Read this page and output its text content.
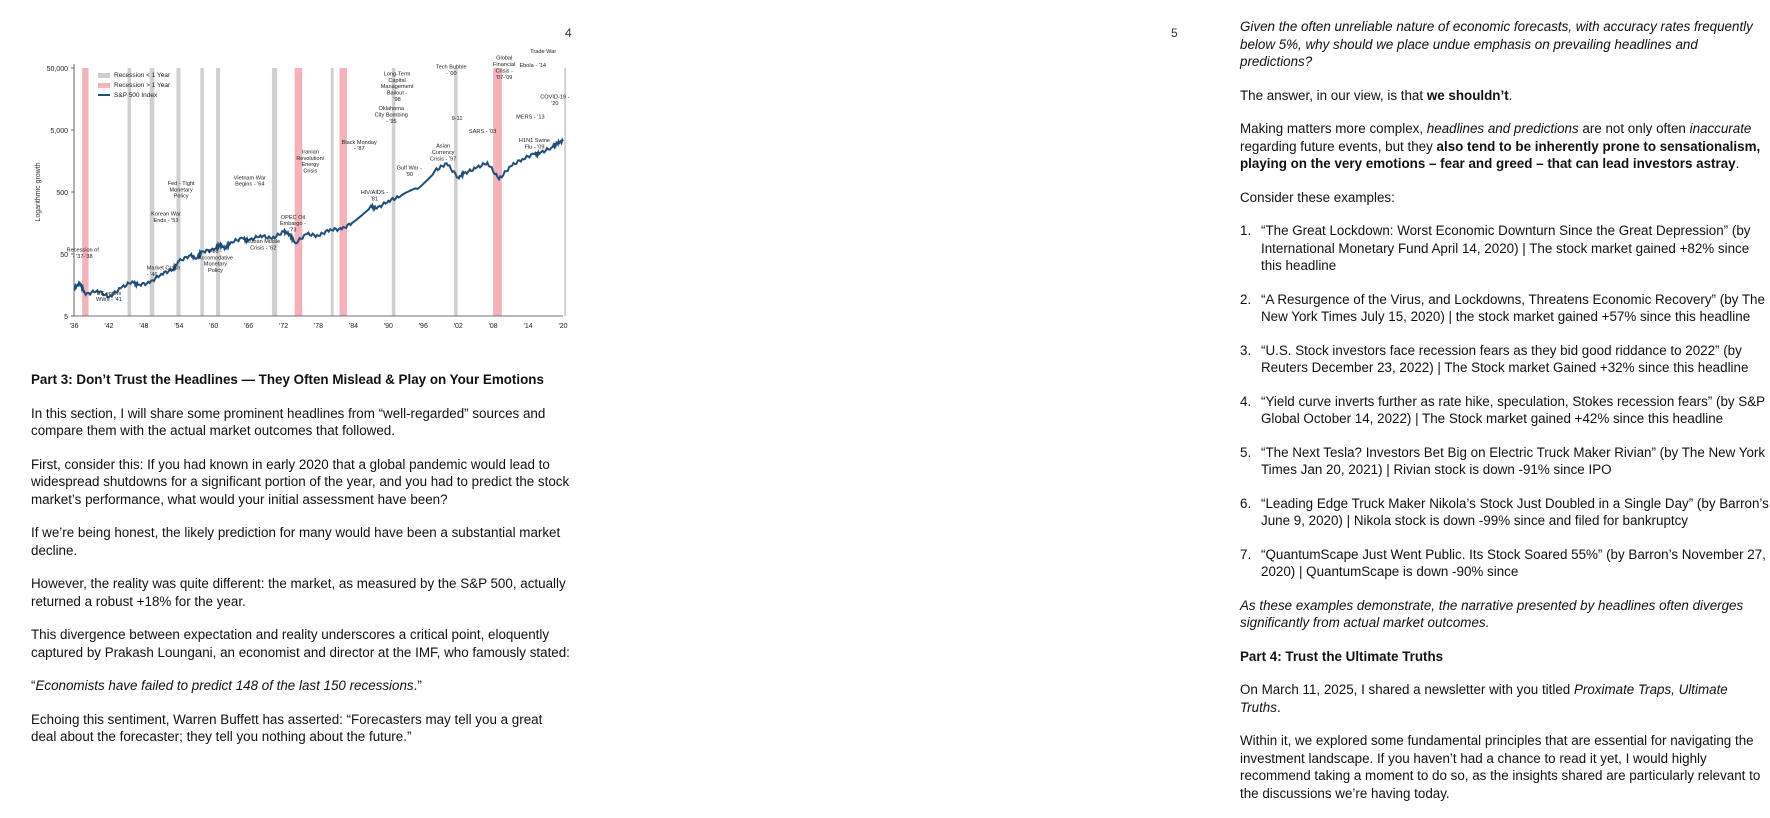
4
50,000
5,000
500
50
5
'36	'42	'48	'54	'60	'66	'72	'78	'84	'90	'96	'02	'08	'14	'20
Logarithmic growth
Recession < 1 Year
Recession > 1 Year
S&P 500 Index
Recession of - '37-'38
US enters WWII - '41
Korean War Ends - '53
Market Crash - '46
Fed - Tight Monetary Policy
Fed -Accomodative Monetary Policy
Cuban Missle Crisis - '62
Vietnam War Begins - '64
OPEC Oil Embargo -'73
Iranian Revolution/ Energy Crisis
Black Monday - '87
HIV/AIDS -'81
Gulf War -'90
Oklahoma City Bombing - '95
Long-Term Capital Management Bailout -'98
Asian Currency Crisis - '97
Tech Bubble - '00
9-11
SARS - '03
Global Financial Crisis -'07-'09
Ebola - '14
Trade War
MERS - '13
H1N1 Swine Flu - '09
COVID-19 -'20

Part 3: Don’t Trust the Headlines — They Often Mislead & Play on Your Emotions

In this section, I will share some prominent headlines from “well-regarded” sources and compare them with the actual market outcomes that followed.

First, consider this: If you had known in early 2020 that a global pandemic would lead to widespread shutdowns for a significant portion of the year, and you had to predict the stock market’s performance, what would your initial assessment have been?

If we’re being honest, the likely prediction for many would have been a substantial market decline.

However, the reality was quite different: the market, as measured by the S&P 500, actually returned a robust +18% for the year.

This divergence between expectation and reality underscores a critical point, eloquently captured by Prakash Loungani, an economist and director at the IMF, who famously stated:

“Economists have failed to predict 148 of the last 150 recessions.”

Echoing this sentiment, Warren Buffett has asserted: “Forecasters may tell you a great deal about the forecaster; they tell you nothing about the future.”

5	Given the often unreliable nature of economic forecasts, with accuracy rates frequently below 5%, why should we place undue emphasis on prevailing headlines and predictions?

The answer, in our view, is that we shouldn’t.

Making matters more complex, headlines and predictions are not only often inaccurate regarding future events, but they also tend to be inherently prone to sensationalism, playing on the very emotions – fear and greed – that can lead investors astray.

Consider these examples:

1. “The Great Lockdown: Worst Economic Downturn Since the Great Depression” (by International Monetary Fund April 14, 2020) | The stock market gained +82% since this headline
2. “A Resurgence of the Virus, and Lockdowns, Threatens Economic Recovery” (by The New York Times July 15, 2020) | the stock market gained +57% since this headline
3. “U.S. Stock investors face recession fears as they bid good riddance to 2022” (by Reuters December 23, 2022) | The Stock market Gained +32% since this headline
4. “Yield curve inverts further as rate hike, speculation, Stokes recession fears” (by S&P Global October 14, 2022) | The Stock market gained +42% since this headline
5. “The Next Tesla? Investors Bet Big on Electric Truck Maker Rivian” (by The New York Times Jan 20, 2021) | Rivian stock is down -91% since IPO
6. “Leading Edge Truck Maker Nikola’s Stock Just Doubled in a Single Day” (by Barron’s June 9, 2020) | Nikola stock is down -99% since and filed for bankruptcy
7. “QuantumScape Just Went Public. Its Stock Soared 55%” (by Barron’s November 27, 2020) | QuantumScape is down -90% since

As these examples demonstrate, the narrative presented by headlines often diverges significantly from actual market outcomes.

Part 4: Trust the Ultimate Truths

On March 11, 2025, I shared a newsletter with you titled Proximate Traps, Ultimate Truths.

Within it, we explored some fundamental principles that are essential for navigating the investment landscape. If you haven’t had a chance to read it yet, I would highly recommend taking a moment to do so, as the insights shared are particularly relevant to the discussions we’re having today.
